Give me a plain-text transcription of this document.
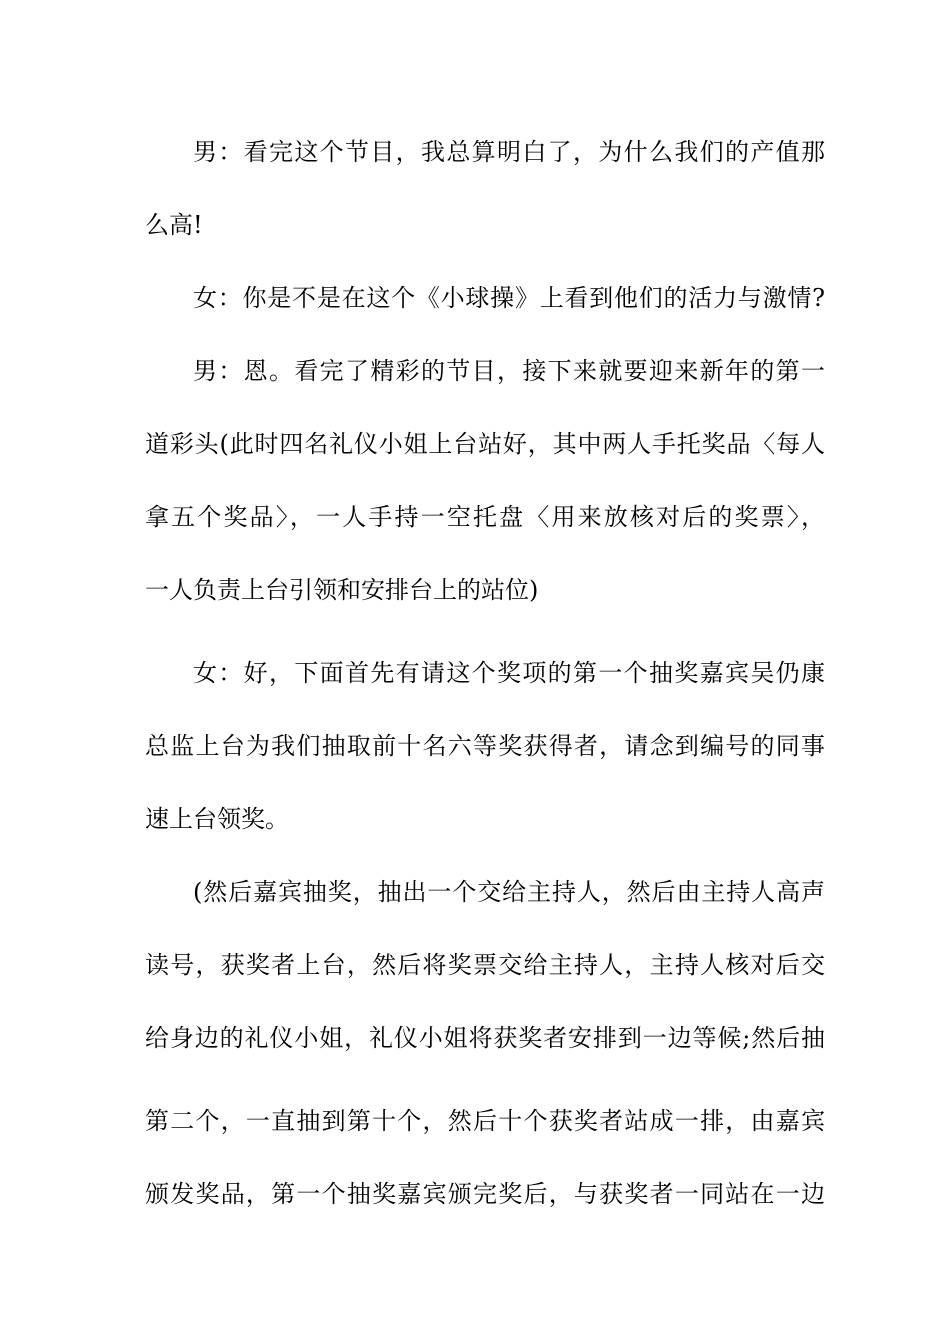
男：看完这个节目，我总算明白了，为什么我们的产值那
么高!
女：你是不是在这个《小球操》上看到他们的活力与激情?
男：恩。看完了精彩的节目，接下来就要迎来新年的第一
道彩头(此时四名礼仪小姐上台站好，其中两人手托奖品〈每人
拿五个奖品〉，一人手持一空托盘〈用来放核对后的奖票〉，
一人负责上台引领和安排台上的站位)
女：好，下面首先有请这个奖项的第一个抽奖嘉宾吴仍康
总监上台为我们抽取前十名六等奖获得者，请念到编号的同事
速上台领奖。
(然后嘉宾抽奖，抽出一个交给主持人，然后由主持人高声
读号，获奖者上台，然后将奖票交给主持人，主持人核对后交
给身边的礼仪小姐，礼仪小姐将获奖者安排到一边等候;然后抽
第二个，一直抽到第十个，然后十个获奖者站成一排，由嘉宾
颁发奖品，第一个抽奖嘉宾颁完奖后，与获奖者一同站在一边
